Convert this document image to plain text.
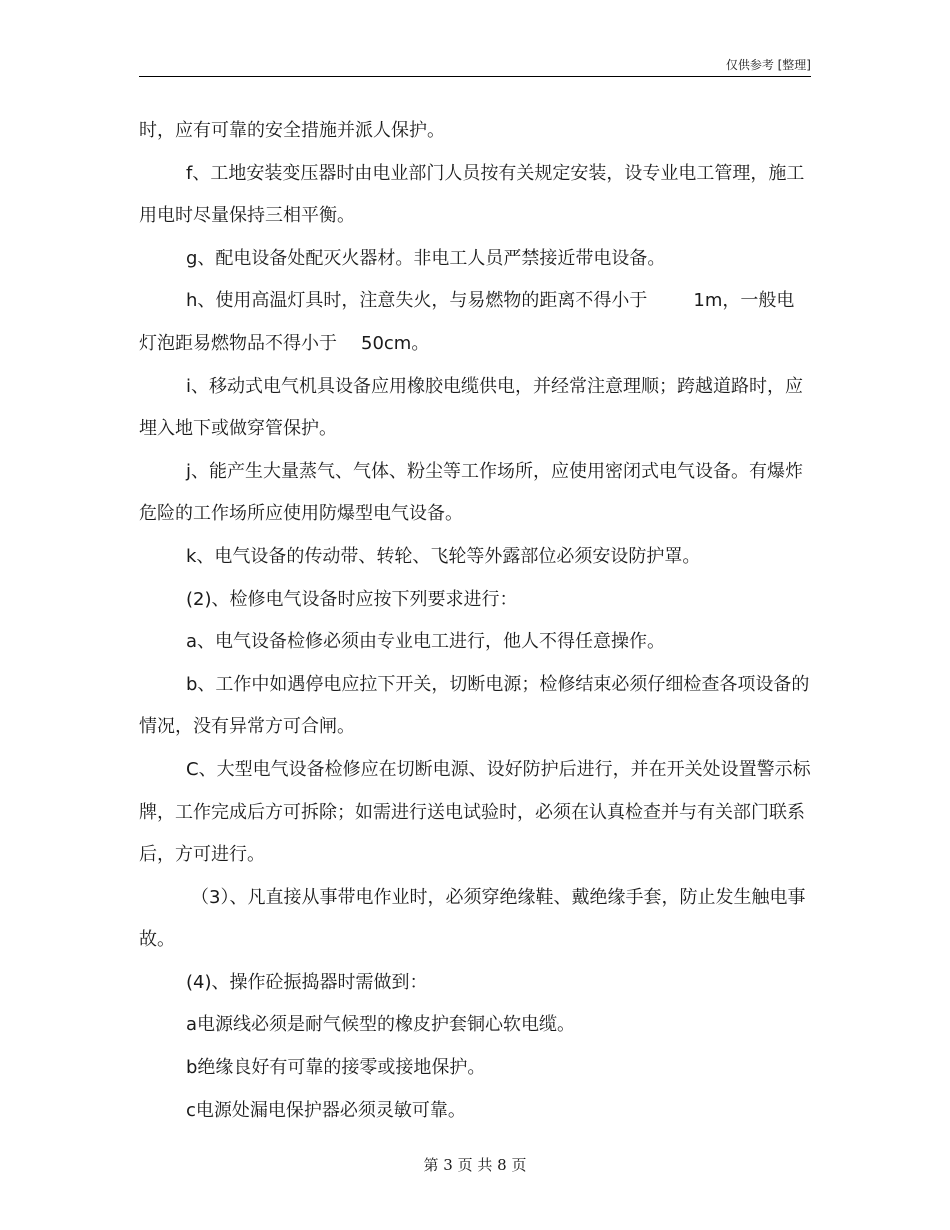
仅供参考 [整理]

时，应有可靠的安全措施并派人保护。

f、工地安装变压器时由电业部门人员按有关规定安装，设专业电工管理，施工用电时尽量保持三相平衡。

g、配电设备处配灭火器材。非电工人员严禁接近带电设备。

h、使用高温灯具时，注意失火，与易燃物的距离不得小于	1m，一般电灯泡距易燃物品不得小于 50cm。

i、移动式电气机具设备应用橡胶电缆供电，并经常注意理顺；跨越道路时，应埋入地下或做穿管保护。

j、能产生大量蒸气、气体、粉尘等工作场所，应使用密闭式电气设备。有爆炸危险的工作场所应使用防爆型电气设备。

k、电气设备的传动带、转轮、飞轮等外露部位必须安设防护罩。

(2)、检修电气设备时应按下列要求进行：

a、电气设备检修必须由专业电工进行，他人不得任意操作。

b、工作中如遇停电应拉下开关，切断电源；检修结束必须仔细检查各项设备的情况，没有异常方可合闸。

C、大型电气设备检修应在切断电源、设好防护后进行，并在开关处设置警示标牌，工作完成后方可拆除；如需进行送电试验时，必须在认真检查并与有关部门联系后，方可进行。

（3）、凡直接从事带电作业时，必须穿绝缘鞋、戴绝缘手套，防止发生触电事故。

(4)、操作砼振捣器时需做到：

a电源线必须是耐气候型的橡皮护套铜心软电缆。

b绝缘良好有可靠的接零或接地保护。

c电源处漏电保护器必须灵敏可靠。

第 3 页 共 8 页
